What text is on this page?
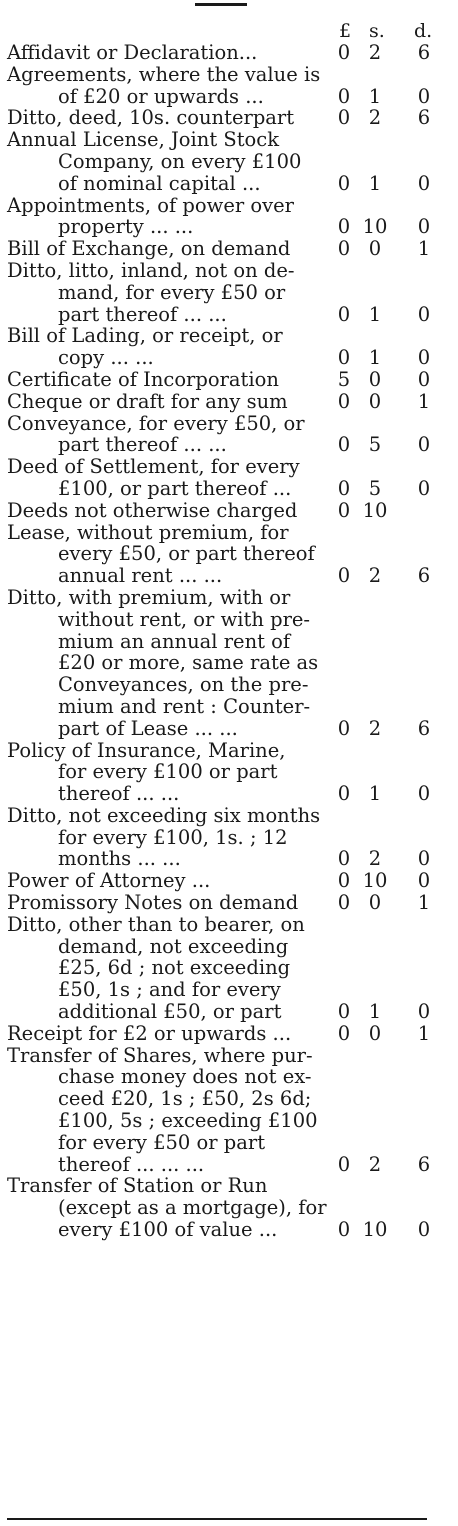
£ s. d.
Affidavit or Declaration...	0 2	6
Agreements, where the value is
of £20 or upwards ...	0 1	0
Ditto, deed, 10s. counterpart 0 2	6
Annual License, Joint Stock
Company, on every £100
of nominal capital ...	0 1	0
Appointments, of power over
property ... ...	0 10 0
Bill of Exchange, on demand 0 0	1
Ditto, litto, inland, not on de-
mand, for every £50 or
part thereof ... ...	0 1	0
Bill of Lading, or receipt, or
copy ... ...	0 1	0
Certificate of Incorporation	5 0	0
Cheque or draft for any sum	0 0	1
Conveyance, for every £50, or
part thereof ... ...	0 5	0
Deed of Settlement, for every
£100, or part thereof ... 0 5	0
Deeds not otherwise charged 0 10
Lease, without premium, for
every £50, or part thereof
annual rent ... ...	0 2	6
Ditto, with premium, with or
without rent, or with pre-
mium an annual rent of
£20 or more, same rate as
Conveyances, on the pre-
mium and rent : Counter-
part of Lease ... ...	0 2	6
Policy of Insurance, Marine,
for every £100 or part
thereof ... ...	0 1	0
Ditto, not exceeding six months
for every £100, 1s. ; 12
months ... ...	0 2	0
Power of Attorney ...	0 10 0
Promissory Notes on demand 0 0	1
Ditto, other than to bearer, on
demand, not exceeding
£25, 6d ; not exceeding
£50, 1s ; and for every
additional £50, or part	0 1	0
Receipt for £2 or upwards ... 0 0	1
Transfer of Shares, where pur-
chase money does not ex-
ceed £20, 1s ; £50, 2s 6d;
£100, 5s ; exceeding £100
for every £50 or part
thereof ... ... ...	0 2	6
Transfer of Station or Run
(except as a mortgage), for
every £100 of value ...	0 10 0
